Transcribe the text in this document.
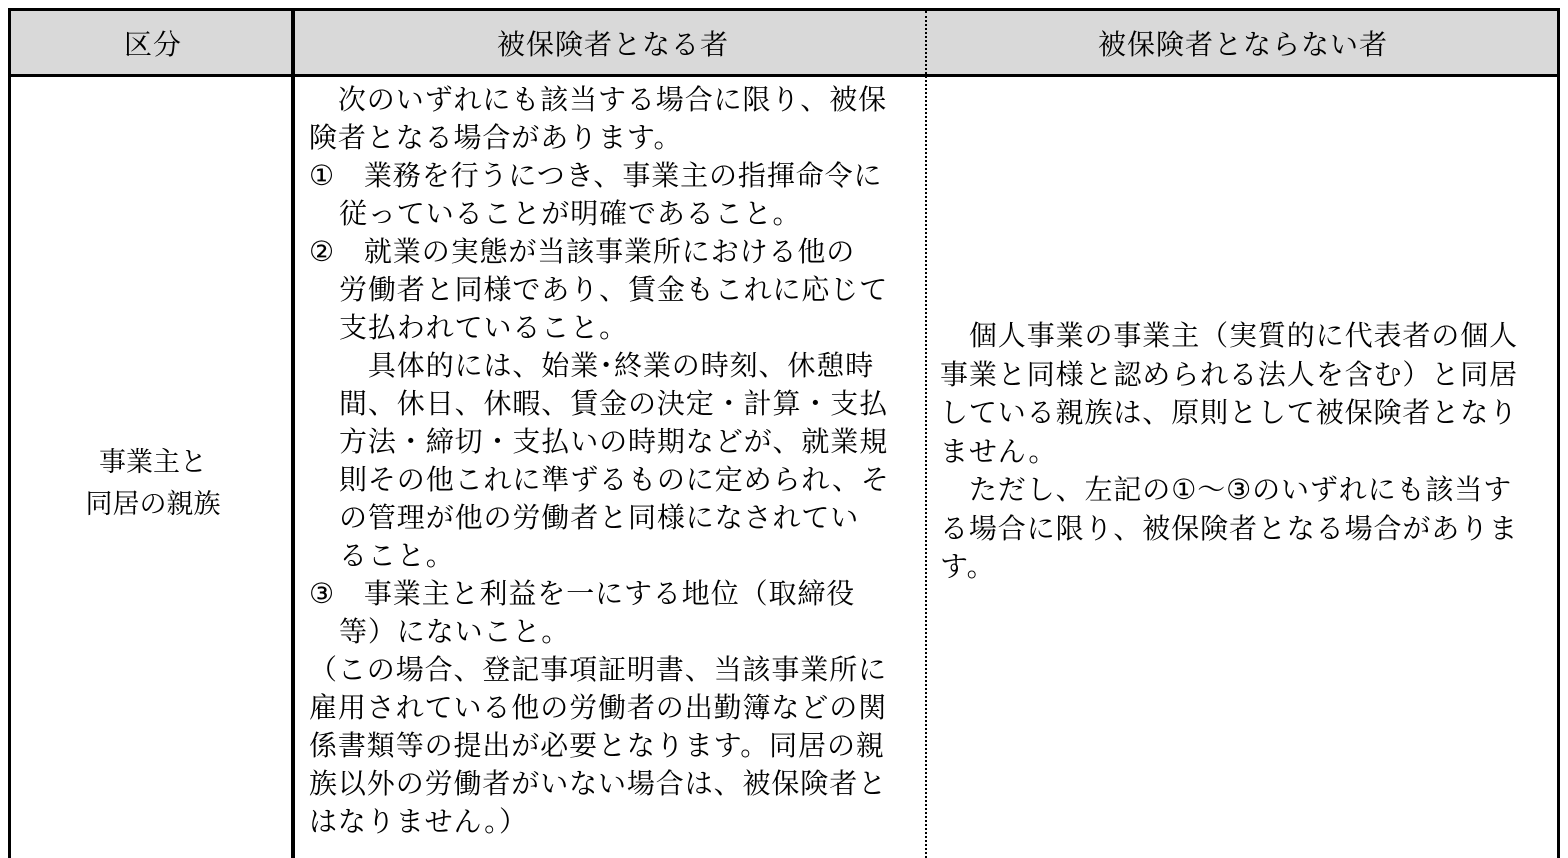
区分	被保険者となる者	被保険者とならない者
事業主と
同居の親族
　次のいずれにも該当する場合に限り、被保
険者となる場合があります。
①　業務を行うにつき、事業主の指揮命令に
従っていることが明確であること。
②　就業の実態が当該事業所における他の
労働者と同様であり、賃金もこれに応じて
支払われていること。
　具体的には、始業･終業の時刻、休憩時
間、休日、休暇、賃金の決定・計算・支払
方法・締切・支払いの時期などが、就業規
則その他これに準ずるものに定められ、そ
の管理が他の労働者と同様になされてい
ること。
③　事業主と利益を一にする地位（取締役
等）にないこと。
（この場合、登記事項証明書、当該事業所に
雇用されている他の労働者の出勤簿などの関
係書類等の提出が必要となります。同居の親
族以外の労働者がいない場合は、被保険者と
はなりません。）
　個人事業の事業主（実質的に代表者の個人
事業と同様と認められる法人を含む）と同居
している親族は、原則として被保険者となり
ません。
　ただし、左記の①～③のいずれにも該当す
る場合に限り、被保険者となる場合がありま
す。
